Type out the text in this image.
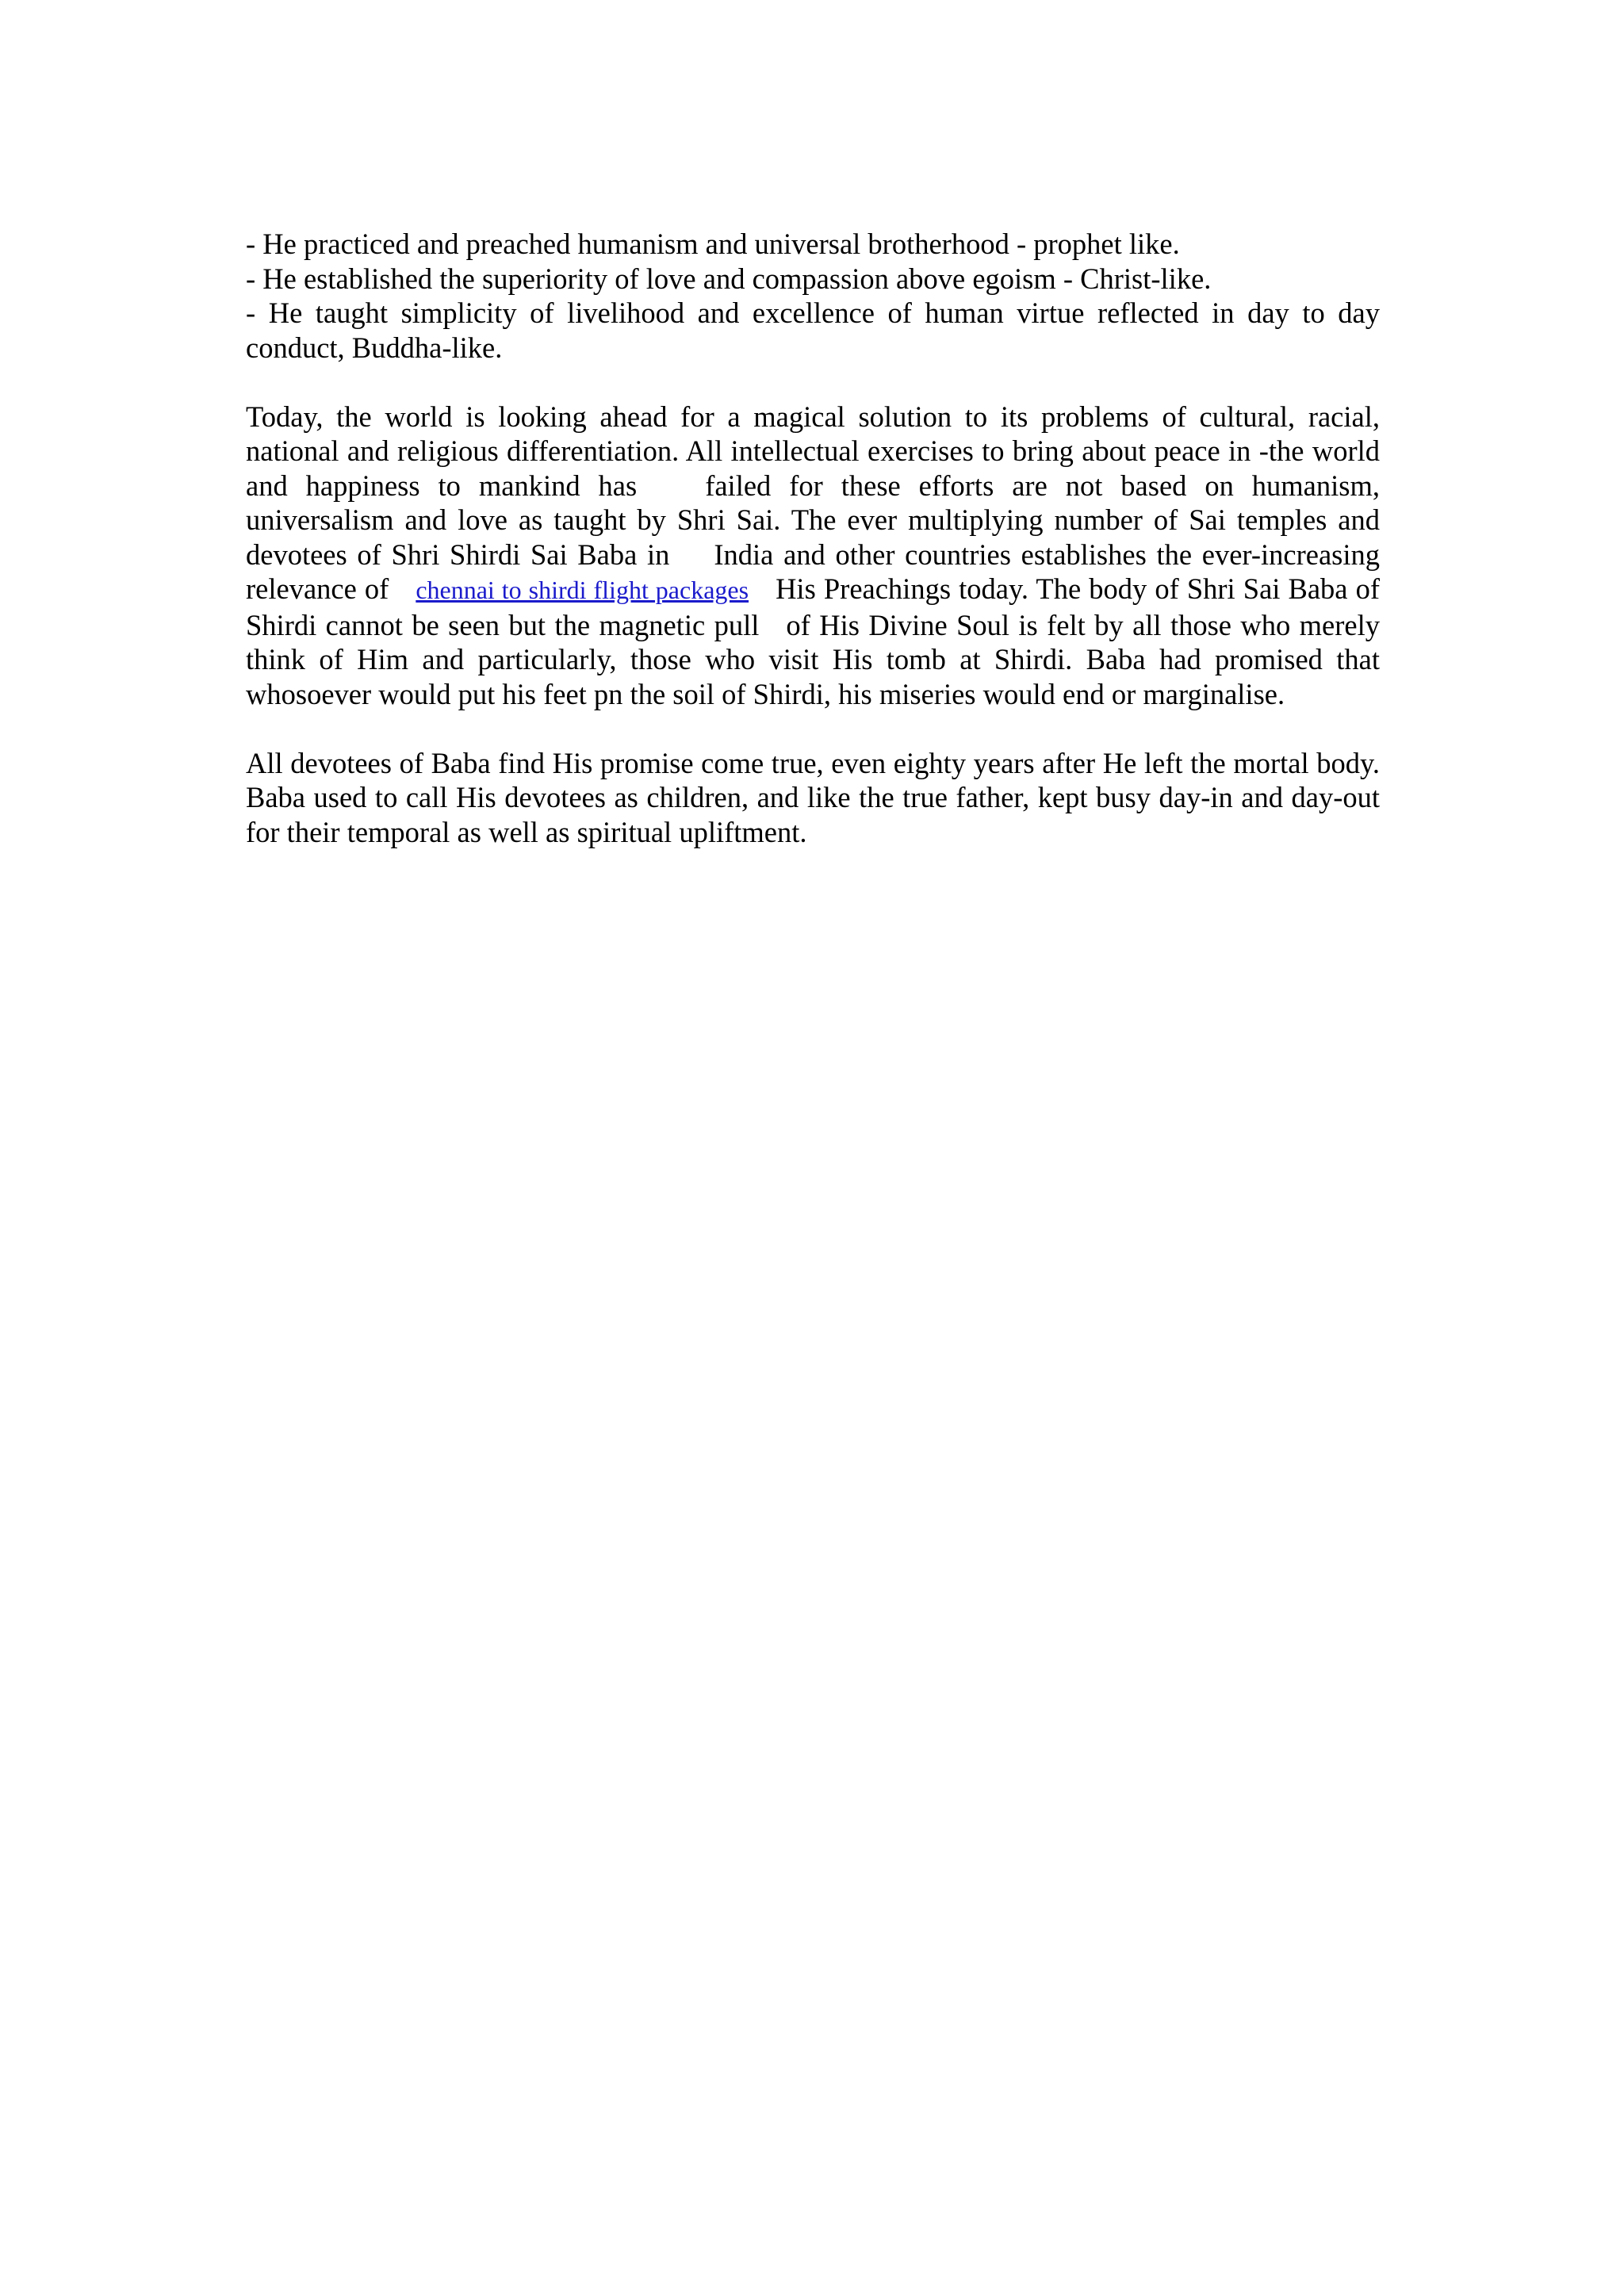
- He practiced and preached humanism and universal brotherhood - prophet like.

- He established the superiority of love and compassion above egoism - Christ-like.

- He taught simplicity of livelihood and excellence of human virtue reflected in day to day conduct, Buddha-like.

Today, the world is looking ahead for a magical solution to its problems of cultural, racial, national and religious differentiation. All intellectual exercises to bring about peace in -the world and happiness to mankind has failed for these efforts are not based on humanism, universalism and love as taught by Shri Sai. The ever multiplying number of Sai temples and devotees of Shri Shirdi Sai Baba in India and other countries establishes the ever-increasing relevance of chennai to shirdi flight packages His Preachings today. The body of Shri Sai Baba of Shirdi cannot be seen but the magnetic pull of His Divine Soul is felt by all those who merely think of Him and particularly, those who visit His tomb at Shirdi. Baba had promised that whosoever would put his feet pn the soil of Shirdi, his miseries would end or marginalise.

All devotees of Baba find His promise come true, even eighty years after He left the mortal body. Baba used to call His devotees as children, and like the true father, kept busy day-in and day-out for their temporal as well as spiritual upliftment.
